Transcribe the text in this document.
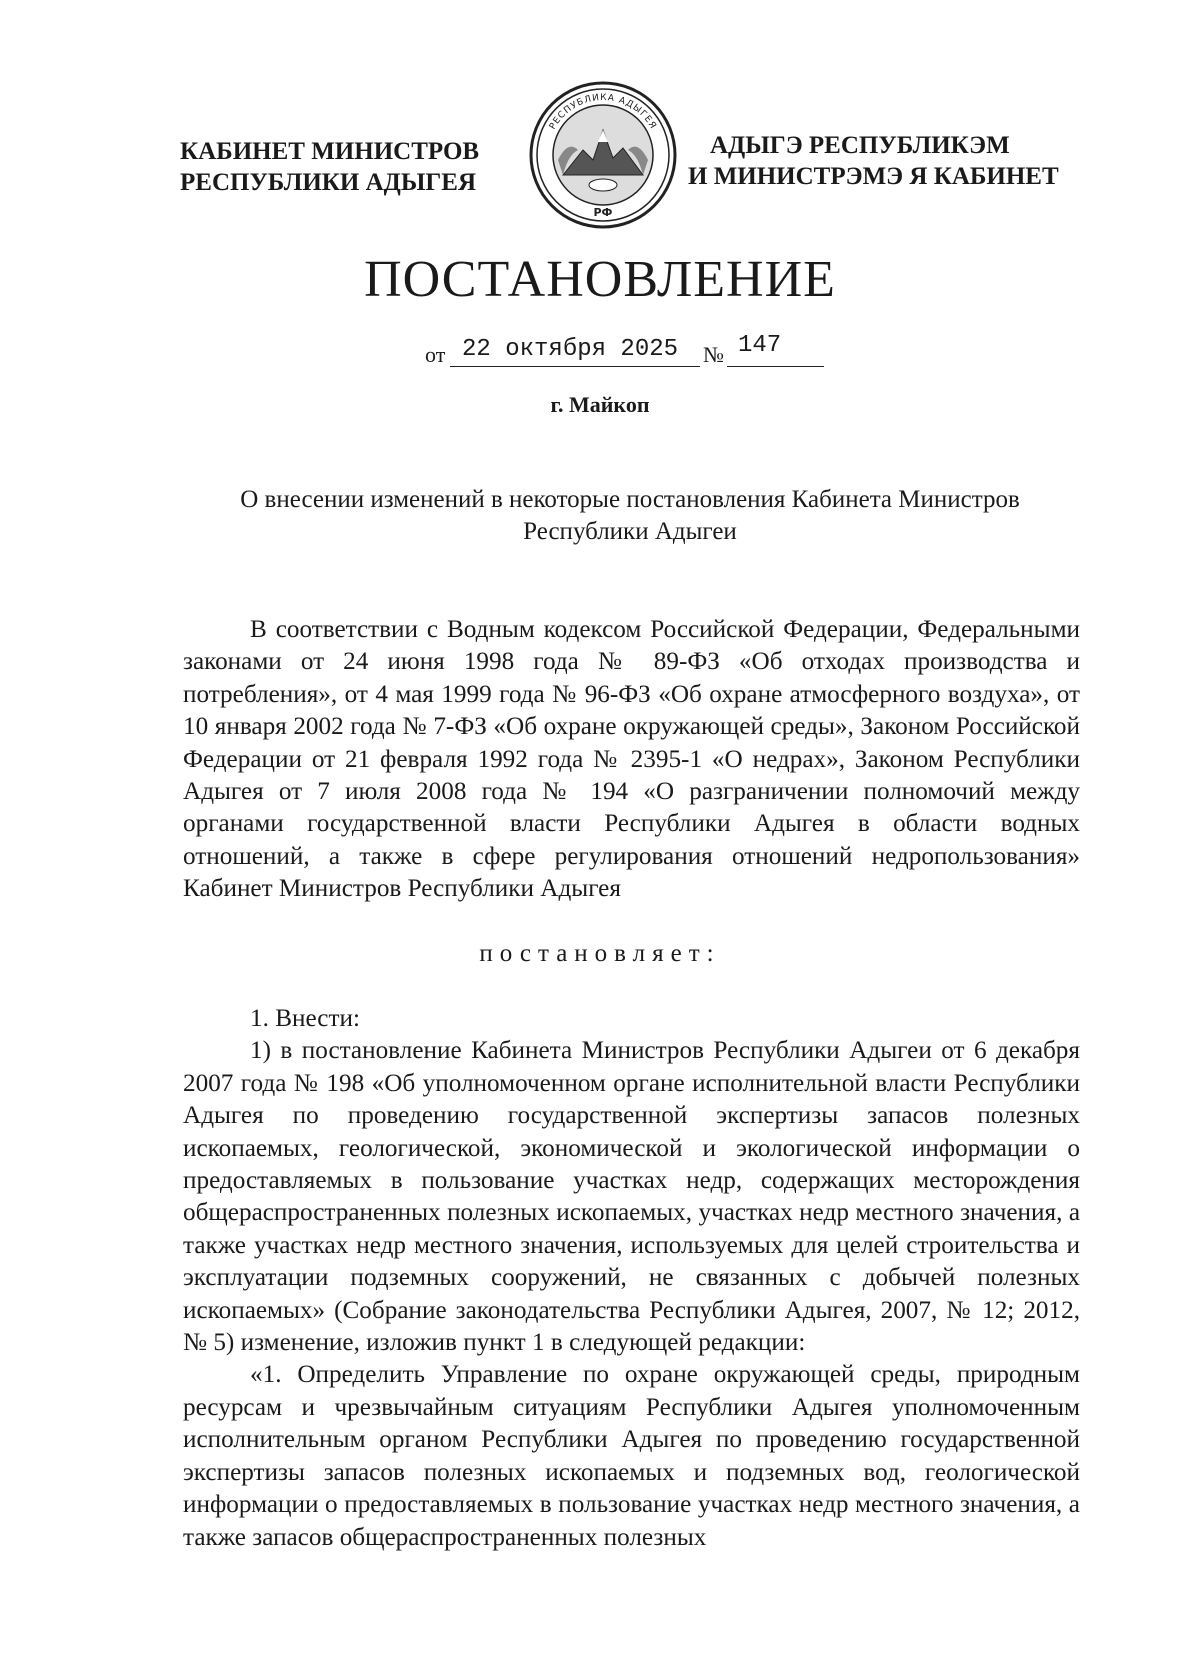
КАБИНЕТ МИНИСТРОВ
РЕСПУБЛИКИ АДЫГЕЯ
РЕСПУБЛИКА АДЫГЕЯ
РФ
АДЫГЭ РЕСПУБЛИКЭМ
И МИНИСТРЭМЭ Я КАБИНЕТ
ПОСТАНОВЛЕНИЕ
от 22 октября 2025 № 147
г. Майкоп
О внесении изменений в некоторые постановления Кабинета Министров
Республики Адыгеи

В соответствии с Водным кодексом Российской Федерации, Федеральными законами от 24 июня 1998 года № 89-ФЗ «Об отходах производства и потребления», от 4 мая 1999 года № 96-ФЗ «Об охране атмосферного воздуха», от 10 января 2002 года № 7-ФЗ «Об охране окружающей среды», Законом Российской Федерации от 21 февраля 1992 года № 2395-1 «О недрах», Законом Республики Адыгея от 7 июля 2008 года № 194 «О разграничении полномочий между органами государственной власти Республики Адыгея в области водных отношений, а также в сфере регулирования отношений недропользования» Кабинет Министров Республики Адыгея

постановляет:

1. Внести:

1) в постановление Кабинета Министров Республики Адыгеи от 6 декабря 2007 года № 198 «Об уполномоченном органе исполнительной власти Республики Адыгея по проведению государственной экспертизы запасов полезных ископаемых, геологической, экономической и экологической информации о предоставляемых в пользование участках недр, содержащих месторождения общераспространенных полезных ископаемых, участках недр местного значения, а также участках недр местного значения, используемых для целей строительства и эксплуатации подземных сооружений, не связанных с добычей полезных ископаемых» (Собрание законодательства Республики Адыгея, 2007, № 12; 2012, № 5) изменение, изложив пункт 1 в следующей редакции:

«1. Определить Управление по охране окружающей среды, природным ресурсам и чрезвычайным ситуациям Республики Адыгея уполномоченным исполнительным органом Республики Адыгея по проведению государственной экспертизы запасов полезных ископаемых и подземных вод, геологической информации о предоставляемых в пользование участках недр местного значения, а также запасов общераспространенных полезных
